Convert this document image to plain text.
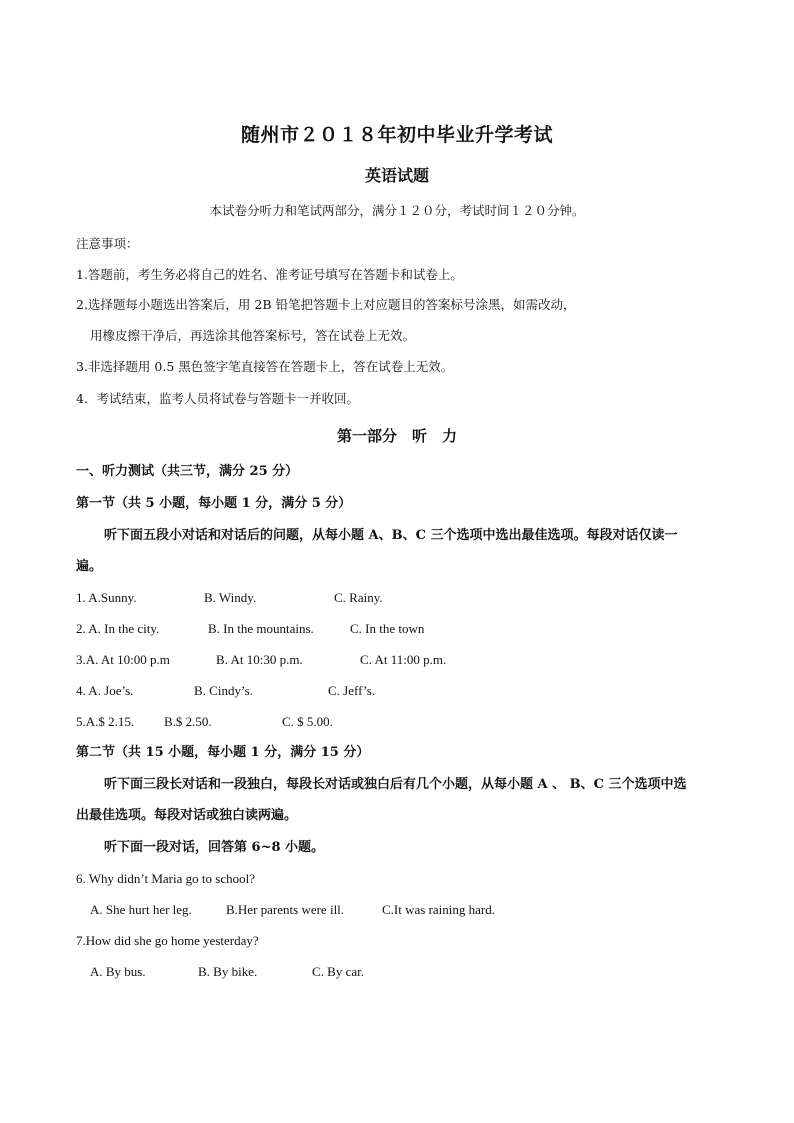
随州市２０１８年初中毕业升学考试
英语试题
本试卷分听力和笔试两部分，满分１２０分，考试时间１２０分钟。
注意事项：
1.答题前，考生务必将自己的姓名、准考证号填写在答题卡和试卷上。
2.选择题每小题选出答案后，用 2B 铅笔把答题卡上对应题目的答案标号涂黑，如需改动，
用橡皮擦干净后，再选涂其他答案标号，答在试卷上无效。
3.非选择题用 0.5 黑色签字笔直接答在答题卡上，答在试卷上无效。
4．考试结束，监考人员将试卷与答题卡一并收回。
第一部分　听　力
一、听力测试（共三节，满分 25 分）
第一节（共 5 小题，每小题 1 分，满分 5 分）
听下面五段小对话和对话后的问题，从每小题 A、B、C 三个选项中选出最佳选项。每段对话仅读一
遍。
1. A.Sunny.	B. Windy.	C. Rainy.
2. A. In the city.	B. In the mountains.	C. In the town
3.A. At 10:00 p.m	B. At 10:30 p.m.	C. At 11:00 p.m.
4. A. Joe’s.	B. Cindy’s.	C. Jeff’s.
5.A.$ 2.15. B.$ 2.50.	C. $ 5.00.
第二节（共 15 小题，每小题 1 分，满分 15 分）
听下面三段长对话和一段独白，每段长对话或独白后有几个小题，从每小题 A 、 B、C 三个选项中选
出最佳选项。每段对话或独白读两遍。
听下面一段对话，回答第 6~8 小题。
6. Why didn’t Maria go to school?
A. She hurt her leg.	B.Her parents were ill.	C.It was raining hard.
7.How did she go home yesterday?
A. By bus.	B. By bike.	C. By car.
